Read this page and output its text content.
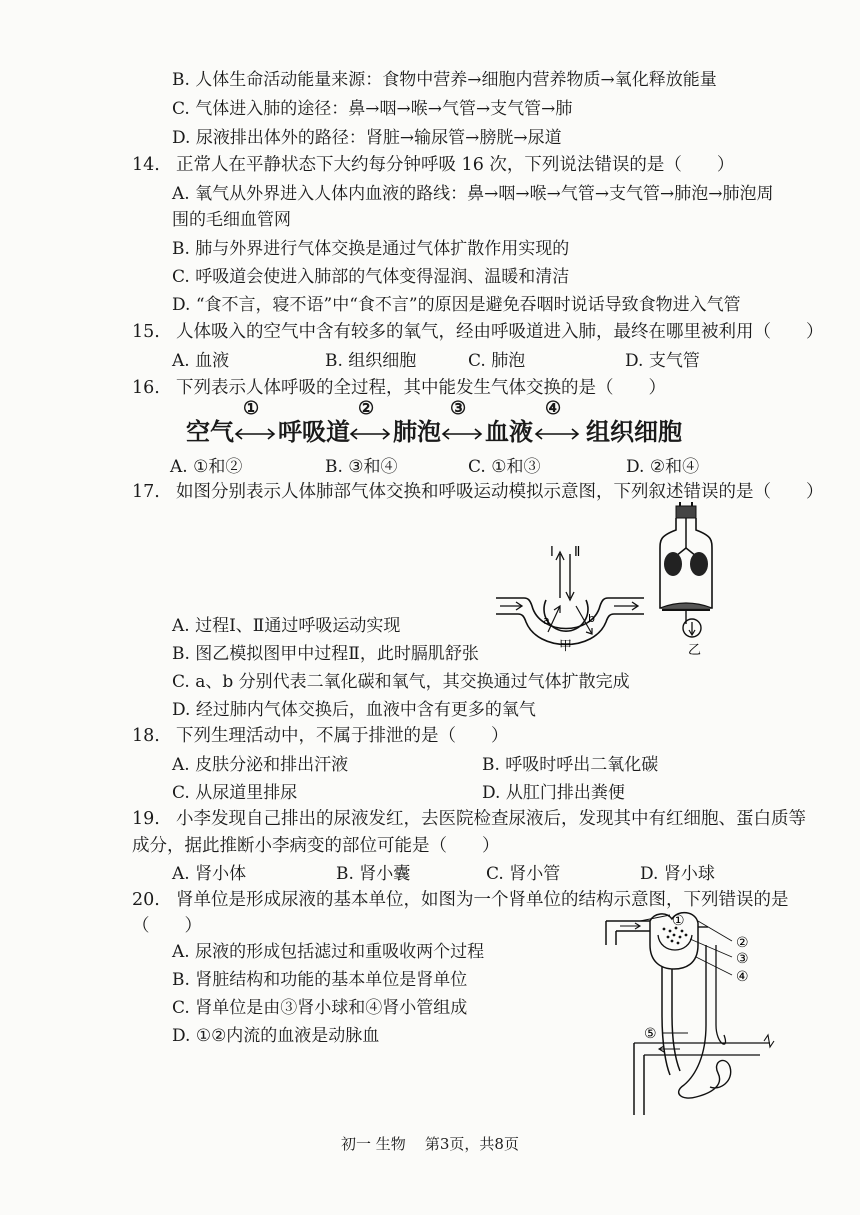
B. 人体生命活动能量来源：食物中营养→细胞内营养物质→氧化释放能量
C. 气体进入肺的途径：鼻→咽→喉→气管→支气管→肺
D. 尿液排出体外的路径：肾脏→输尿管→膀胱→尿道
14. 正常人在平静状态下大约每分钟呼吸 16 次，下列说法错误的是（　　）
A. 氧气从外界进入人体内血液的路线：鼻→咽→喉→气管→支气管→肺泡→肺泡周
围的毛细血管网
B. 肺与外界进行气体交换是通过气体扩散作用实现的
C. 呼吸道会使进入肺部的气体变得湿润、温暖和清洁
D. “食不言，寝不语”中“食不言”的原因是避免吞咽时说话导致食物进入气管
15. 人体吸入的空气中含有较多的氧气，经由呼吸道进入肺，最终在哪里被利用（　　）
A. 血液	B. 组织细胞	C. 肺泡	D. 支气管
16. 下列表示人体呼吸的全过程，其中能发生气体交换的是（　　）
空气 呼吸道 肺泡 血液 组织细胞
①	②	③	④
A. ①和②	B. ③和④	C. ①和③	D. ②和④
17. 如图分别表示人体肺部气体交换和呼吸运动模拟示意图，下列叙述错误的是（　　）
Ⅰ Ⅱ
a	b
甲	乙
A. 过程Ⅰ、Ⅱ通过呼吸运动实现
B. 图乙模拟图甲中过程Ⅱ，此时膈肌舒张
C. a、b 分别代表二氧化碳和氧气，其交换通过气体扩散完成
D. 经过肺内气体交换后，血液中含有更多的氧气
18. 下列生理活动中，不属于排泄的是（　　）
A. 皮肤分泌和排出汗液	B. 呼吸时呼出二氧化碳
C. 从尿道里排尿	D. 从肛门排出粪便
19. 小李发现自己排出的尿液发红，去医院检查尿液后，发现其中有红细胞、蛋白质等
成分，据此推断小李病变的部位可能是（　　）
A. 肾小体	B. 肾小囊	C. 肾小管	D. 肾小球
20. 肾单位是形成尿液的基本单位，如图为一个肾单位的结构示意图，下列错误的是
（　　）
A. 尿液的形成包括滤过和重吸收两个过程
B. 肾脏结构和功能的基本单位是肾单位
C. 肾单位是由③肾小球和④肾小管组成
D. ①②内流的血液是动脉血
①
②
③
④
⑤
初一 生物 第3页，共8页
